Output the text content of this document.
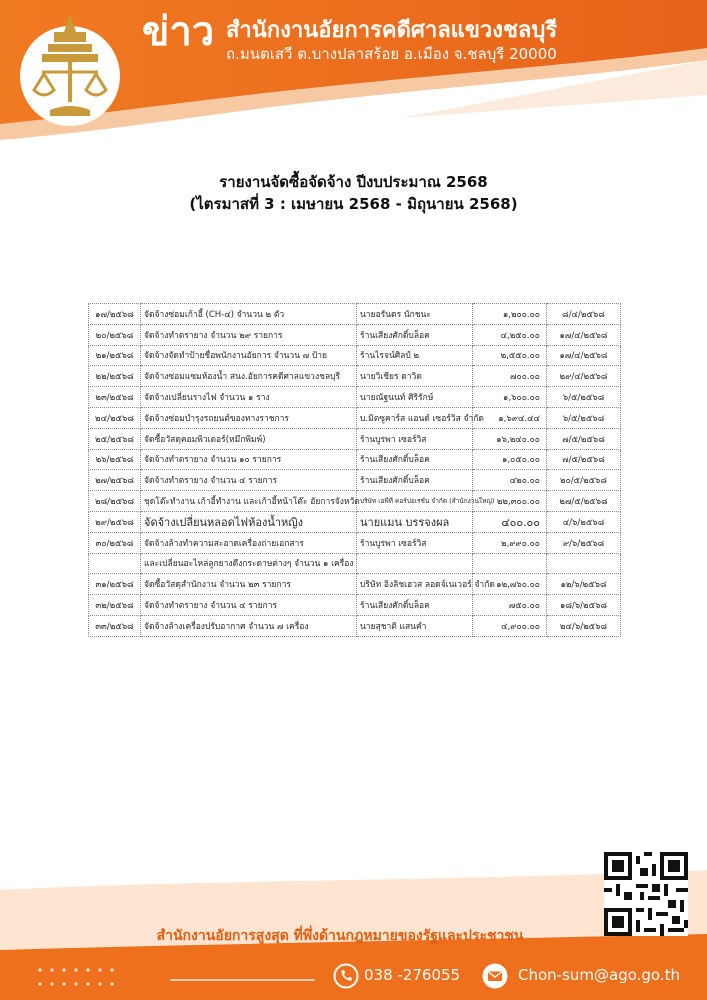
ข่าว สำนักงานอัยการคดีศาลแขวงชลบุรี
ถ.มนตเสวี ต.บางปลาสร้อย อ.เมือง จ.ชลบุรี 20000
รายงานจัดซื้อจัดจ้าง ปีงบประมาณ 2568
(ไตรมาสที่ 3 : เมษายน 2568 - มิถุนายน 2568)
๑๗/๒๕๖๘	จัดจ้างซ่อมเก้าอี้ (CH-๔) จำนวน ๒ ตัว	นายอรันดร นักชนะ	๑,๒๐๐.๐๐	๘/๔/๒๕๖๘
๒๐/๒๕๖๘	จัดจ้างทำตรายาง จำนวน ๒๙ รายการ	ร้านเสียงศักดิ์บล็อค	๔,๒๕๐.๐๐	๑๗/๔/๒๕๖๘
๒๑/๒๕๖๘	จัดจ้างจัดทำป้ายชื่อพนักงานอัยการ จำนวน ๗ ป้าย	ร้านไรจน์ศิลป์ ๒	๒,๕๕๐.๐๐	๑๗/๔/๒๕๖๘
๒๒/๒๕๖๘	จัดจ้างซ่อมแซมห้องน้ำ สนง.อัยการคดีศาลแขวงชลบุรี	นายวิเชียร ดาวิด	๗๐๐.๐๐	๒๙/๔/๒๕๖๘
๒๓/๒๕๖๘	จัดจ้างเปลี่ยนรางไฟ จำนวน ๑ ราง	นายณัฐนนท์ ศิริรักษ์	๑,๖๐๐.๐๐	๖/๕/๒๕๖๘
๒๔/๒๕๖๘	จัดจ้างซ่อมบำรุงรถยนต์ของทางราชการ	บ.มิตซูคาร์ส แอนด์ เซอร์วิส จำกัด	๑,๖๙๔.๔๔	๖/๕/๒๕๖๘
๒๕/๒๕๖๘	จัดซื้อวัสดุคอมพิวเตอร์(หมึกพิมพ์)	ร้านบูรพา เซอร์วิส	๑๖,๒๔๐.๐๐	๗/๕/๒๕๖๘
๒๖/๒๕๖๘	จัดจ้างทำตรายาง จำนวน ๑๐ รายการ	ร้านเสียงศักดิ์บล็อค	๑,๐๕๐.๐๐	๗/๕/๒๕๖๘
๒๗/๒๕๖๘	จัดจ้างทำตรายาง จำนวน ๔ รายการ	ร้านเสียงศักดิ์บล็อค	๔๒๐.๐๐	๒๐/๕/๒๕๖๘
๒๘/๒๕๖๘	ชุดโต๊ะทำงาน เก้าอี้ทำงาน และเก้าอี้หน้าโต๊ะ อัยการจังหวัด	บริษัท เอพีที คอร์ปอเรชั่น จำกัด (สำนักงานใหญ่)	๒๒,๓๐๐.๐๐	๒๗/๕/๒๕๖๘
๒๙/๒๕๖๘	จัดจ้างเปลี่ยนหลอดไฟห้องน้ำหญิง	นายแมน บรรจงผล	๔๐๐.๐๐	๔/๖/๒๕๖๘
๓๐/๒๕๖๘	จัดจ้างล้างทำความสะอาดเครื่องถ่ายเอกสาร	ร้านบูรพา เซอร์วิส	๒,๙๙๐.๐๐	๙/๖/๒๕๖๘
	และเปลี่ยนอะไหล่ลูกยางดึงกระดาษต่างๆ จำนวน ๑ เครื่อง			
๓๑/๒๕๖๘	จัดซื้อวัสดุสำนักงาน จำนวน ๒๓ รายการ	บริษัท อิงลิชเฮวส ลอดจ์เนเวอร์ จำกัด	๑๒,๗๖๐.๐๐	๑๒/๖/๒๕๖๘
๓๒/๒๕๖๘	จัดจ้างทำตรายาง จำนวน ๔ รายการ	ร้านเสียงศักดิ์บล็อค	๗๕๐.๐๐	๑๘/๖/๒๕๖๘
๓๓/๒๕๖๘	จัดจ้างล้างเครื่องปรับอากาศ จำนวน ๗ เครื่อง	นายสุชาติ แสนคำ	๔,๙๐๐.๐๐	๒๔/๖/๒๕๖๘
สำนักงานอัยการสูงสุด ที่พึ่งด้านกฎหมายของรัฐและประชาชน
038 -276055	Chon-sum@ago.go.th
